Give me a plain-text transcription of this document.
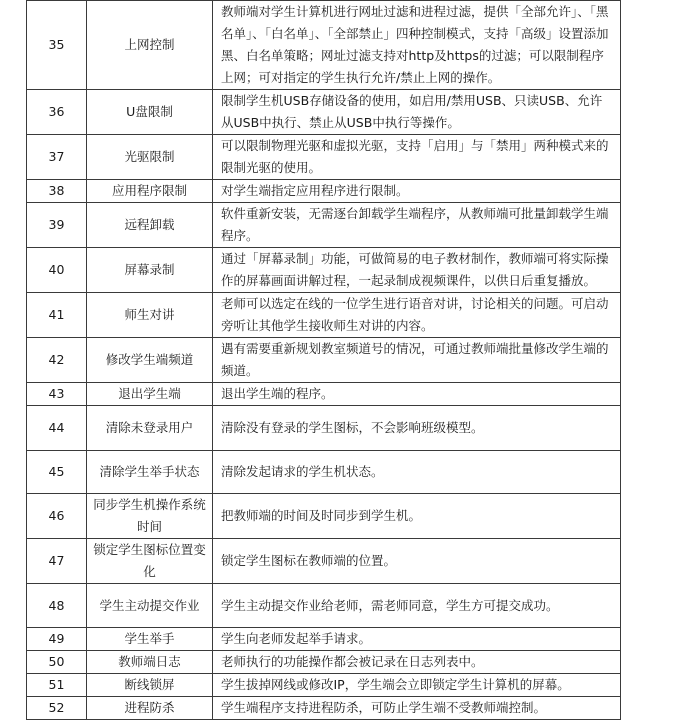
35	上网控制	教师端对学生计算机进行网址过滤和进程过滤，提供「全部允许」、「黑名单」、「白名单」、「全部禁止」四种控制模式，支持「高级」设置添加黑、白名单策略；网址过滤支持对http及https的过滤；可以限制程序上网；可对指定的学生执行允许/禁止上网的操作。
36	U盘限制	限制学生机USB存储设备的使用，如启用/禁用USB、只读USB、允许从USB中执行、禁止从USB中执行等操作。
37	光驱限制	可以限制物理光驱和虚拟光驱，支持「启用」与「禁用」两种模式来的限制光驱的使用。
38	应用程序限制	对学生端指定应用程序进行限制。
39	远程卸载	软件重新安装，无需逐台卸载学生端程序，从教师端可批量卸载学生端程序。
40	屏幕录制	通过「屏幕录制」功能，可做简易的电子教材制作，教师端可将实际操作的屏幕画面讲解过程，一起录制成视频课件，以供日后重复播放。
41	师生对讲	老师可以选定在线的一位学生进行语音对讲，讨论相关的问题。可启动旁听让其他学生接收师生对讲的内容。
42	修改学生端频道	遇有需要重新规划教室频道号的情况，可通过教师端批量修改学生端的频道。
43	退出学生端	退出学生端的程序。
44	清除未登录用户	清除没有登录的学生图标，不会影响班级模型。
45	清除学生举手状态	清除发起请求的学生机状态。
46	同步学生机操作系统时间	把教师端的时间及时同步到学生机。
47	锁定学生图标位置变化	锁定学生图标在教师端的位置。
48	学生主动提交作业	学生主动提交作业给老师，需老师同意，学生方可提交成功。
49	学生举手	学生向老师发起举手请求。
50	教师端日志	老师执行的功能操作都会被记录在日志列表中。
51	断线锁屏	学生拔掉网线或修改IP，学生端会立即锁定学生计算机的屏幕。
52	进程防杀	学生端程序支持进程防杀，可防止学生端不受教师端控制。
